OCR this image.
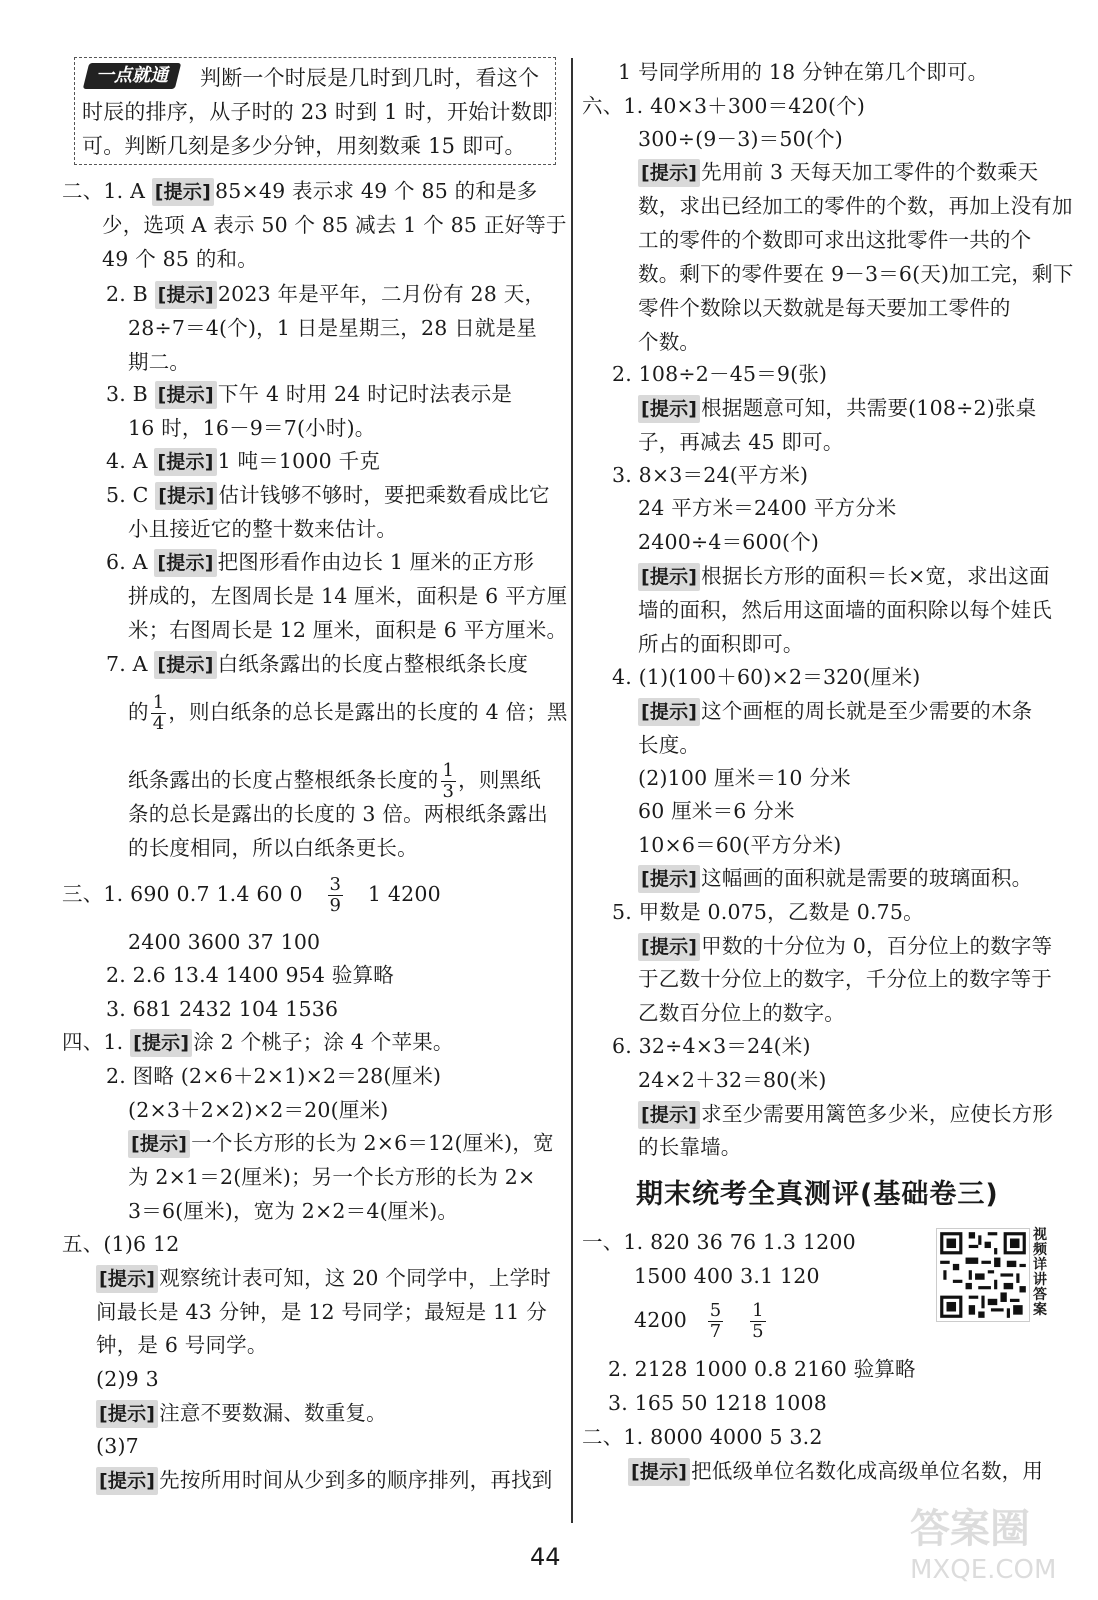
一点就通	判断一个时辰是几时到几时，看这个
时辰的排序，从子时的 23 时到 1 时，开始计数即
可。判断几刻是多少分钟，用刻数乘 15 即可。
二、1. A [提示] 85×49 表示求 49 个 85 的和是多
少，选项 A 表示 50 个 85 减去 1 个 85 正好等于
49 个 85 的和。
2. B [提示] 2023 年是平年，二月份有 28 天，
28÷7＝4(个)，1 日是星期三，28 日就是星
期二。
3. B [提示] 下午 4 时用 24 时记时法表示是
16 时，16－9＝7(小时)。
4. A [提示] 1 吨＝1000 千克
5. C [提示] 估计钱够不够时，要把乘数看成比它
小且接近它的整十数来估计。
6. A [提示] 把图形看作由边长 1 厘米的正方形
拼成的，左图周长是 14 厘米，面积是 6 平方厘
米；右图周长是 12 厘米，面积是 6 平方厘米。
7. A [提示] 白纸条露出的长度占整根纸条长度
的 $\frac{1}{4}$ ，则白纸条的总长是露出的长度的 4 倍；黑
纸条露出的长度占整根纸条长度的 $\frac{1}{3}$ ，则黑纸
条的总长是露出的长度的 3 倍。两根纸条露出
的长度相同，所以白纸条更长。
三、1. 690 0.7 1.4 60 $0 \frac{3}{9} 1$ 4200
2400 3600 37 100
2. 2.6 13.4 1400 954 验算略
3. 681 2432 104 1536
四、1. [提示] 涂 2 个桃子；涂 4 个苹果。
2. 图略 (2×6＋2×1)×2＝28(厘米)
(2×3＋2×2)×2＝20(厘米)
[提示] 一个长方形的长为 2×6＝12(厘米)，宽
为 2×1＝2(厘米)；另一个长方形的长为 2×
3＝6(厘米)，宽为 2×2＝4(厘米)。
五、(1)6 12
[提示] 观察统计表可知，这 20 个同学中，上学时
间最长是 43 分钟，是 12 号同学；最短是 11 分
钟，是 6 号同学。
(2)9 3
[提示] 注意不要数漏、数重复。
(3)7
[提示] 先按所用时间从少到多的顺序排列，再找到
1 号同学所用的 18 分钟在第几个即可。
六、1. 40×3＋300＝420(个)
300÷(9－3)＝50(个)
[提示] 先用前 3 天每天加工零件的个数乘天
数，求出已经加工的零件的个数，再加上没有加
工的零件的个数即可求出这批零件一共的个
数。剩下的零件要在 9－3＝6(天)加工完，剩下
零件个数除以天数就是每天要加工零件的
个数。
2. 108÷2－45＝9(张)
[提示] 根据题意可知，共需要(108÷2)张桌
子，再减去 45 即可。
3. 8×3＝24(平方米)
24 平方米＝2400 平方分米
2400÷4＝600(个)
[提示] 根据长方形的面积＝长×宽，求出这面
墙的面积，然后用这面墙的面积除以每个娃氏
所占的面积即可。
4. (1)(100＋60)×2＝320(厘米)
[提示] 这个画框的周长就是至少需要的木条
长度。
(2)100 厘米＝10 分米
60 厘米＝6 分米
10×6＝60(平方分米)
[提示] 这幅画的面积就是需要的玻璃面积。
5. 甲数是 0.075，乙数是 0.75。
[提示] 甲数的十分位为 0，百分位上的数字等
于乙数十分位上的数字，千分位上的数字等于
乙数百分位上的数字。
6. 32÷4×3＝24(米)
24×2＋32＝80(米)
[提示] 求至少需要用篱笆多少米，应使长方形
的长靠墙。
一、1. 820 36 76 1.3 1200
1500 400 3.1 120
$4200 \frac{5}{7}$
$\frac{1}{5}$
2. 2128 1000 0.8 2160 验算略
3. 165 50 1218 1008
二、1. 8000 4000 5 3.2
[提示] 把低级单位名数化成高级单位名数，用
期末统考全真测评(基础卷三)
视频详讲答案
44
答案圈
MXQE.COM
